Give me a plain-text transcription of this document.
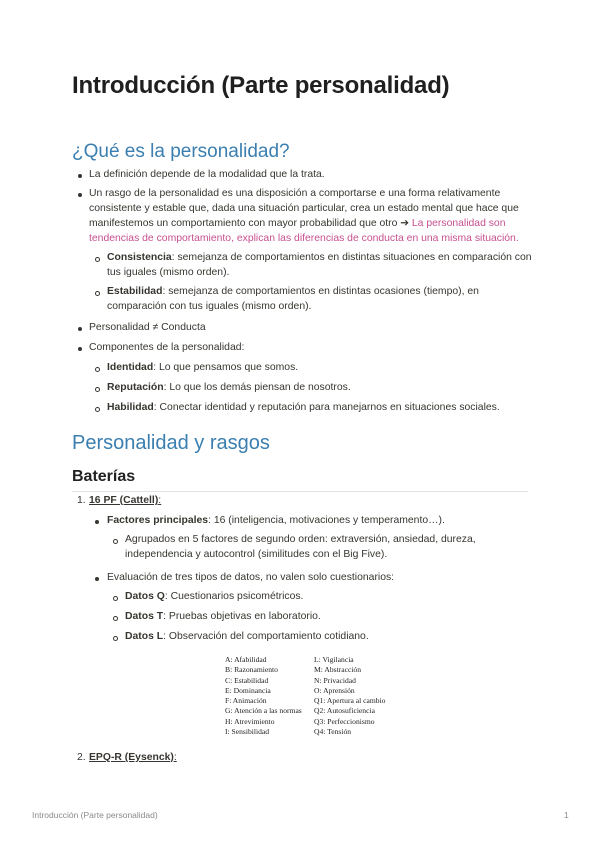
Introducción (Parte personalidad)
¿Qué es la personalidad?
La definición depende de la modalidad que la trata.
Un rasgo de la personalidad es una disposición a comportarse e una forma relativamente
consistente y estable que, dada una situación particular, crea un estado mental que hace que
manifestemos un comportamiento con mayor probabilidad que otro ➔ La personalidad son
tendencias de comportamiento, explican las diferencias de conducta en una misma situación.
Consistencia: semejanza de comportamientos en distintas situaciones en comparación con
tus iguales (mismo orden).
Estabilidad: semejanza de comportamientos en distintas ocasiones (tiempo), en
comparación con tus iguales (mismo orden).
Personalidad ≠ Conducta
Componentes de la personalidad:
Identidad: Lo que pensamos que somos.
Reputación: Lo que los demás piensan de nosotros.
Habilidad: Conectar identidad y reputación para manejarnos en situaciones sociales.
Personalidad y rasgos
Baterías
1. 16 PF (Cattell):
Factores principales: 16 (inteligencia, motivaciones y temperamento…).
Agrupados en 5 factores de segundo orden: extraversión, ansiedad, dureza,
independencia y autocontrol (similitudes con el Big Five).
Evaluación de tres tipos de datos, no valen solo cuestionarios:
Datos Q: Cuestionarios psicométricos.
Datos T: Pruebas objetivas en laboratorio.
Datos L: Observación del comportamiento cotidiano.
A: Afabilidad
B: Razonamiento
C: Estabilidad
E: Dominancia
F: Animación
G: Atención a las normas
H: Atrevimiento
I: Sensibilidad
L: Vigilancia
M: Abstracción
N: Privacidad
O: Aprensión
Q1: Apertura al cambio
Q2: Autosuficiencia
Q3: Perfeccionismo
Q4: Tensión
2. EPQ-R (Eysenck):
Introducción (Parte personalidad)	1
